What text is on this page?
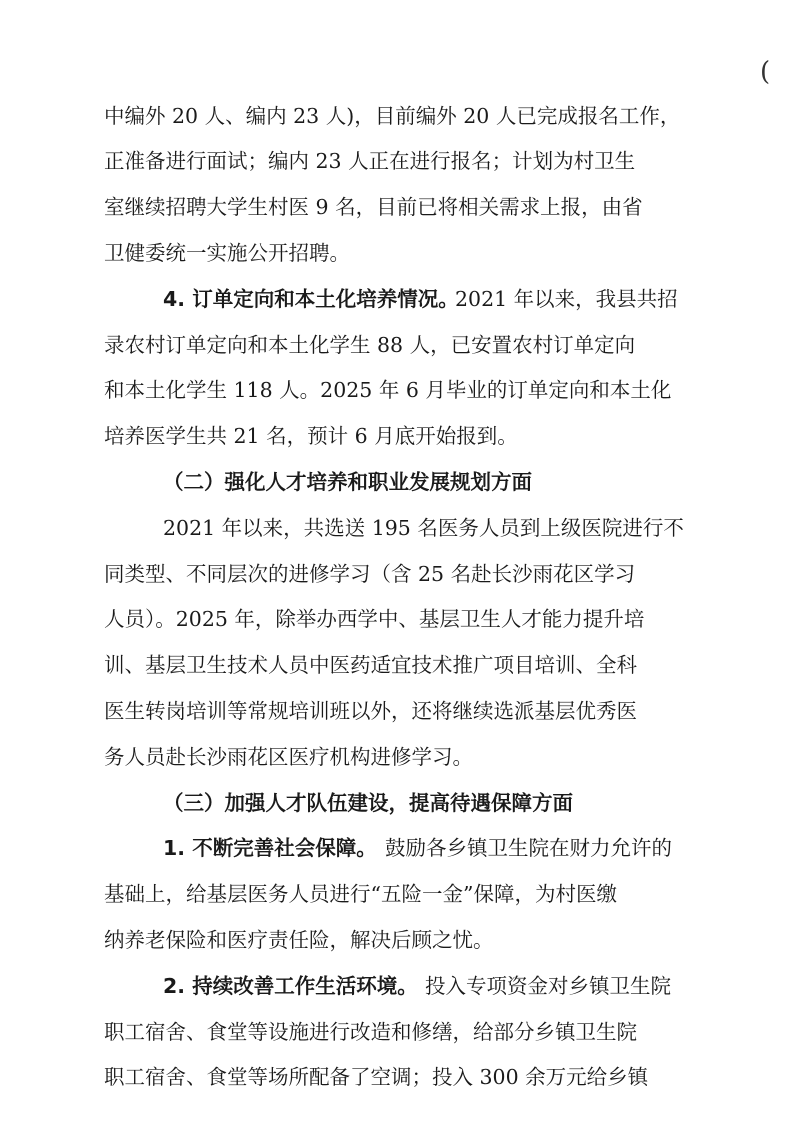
(
中编外 20 人、编内 23 人)，目前编外 20 人已完成报名工作，
正准备进行面试；编内 23 人正在进行报名；计划为村卫生
室继续招聘大学生村医 9 名，目前已将相关需求上报，由省
卫健委统一实施公开招聘。
4. 订单定向和本土化培养情况。
2021 年以来，我县共招
录农村订单定向和本土化学生 88 人，已安置农村订单定向
和本土化学生 118 人。2025 年 6 月毕业的订单定向和本土化
培养医学生共 21 名，预计 6 月底开始报到。
（二）强化人才培养和职业发展规划方面
2021 年以来，共选送 195 名医务人员到上级医院进行不
同类型、不同层次的进修学习（含 25 名赴长沙雨花区学习
人员）。2025 年，除举办西学中、基层卫生人才能力提升培
训、基层卫生技术人员中医药适宜技术推广项目培训、全科
医生转岗培训等常规培训班以外，还将继续选派基层优秀医
务人员赴长沙雨花区医疗机构进修学习。
（三）加强人才队伍建设，提高待遇保障方面
1. 不断完善社会保障。 鼓励各乡镇卫生院在财力允许的
基础上，给基层医务人员进行“五险一金”保障，为村医缴
纳养老保险和医疗责任险，解决后顾之忧。
2. 持续改善工作生活环境。 投入专项资金对乡镇卫生院
职工宿舍、食堂等设施进行改造和修缮，给部分乡镇卫生院
职工宿舍、食堂等场所配备了空调；投入 300 余万元给乡镇
